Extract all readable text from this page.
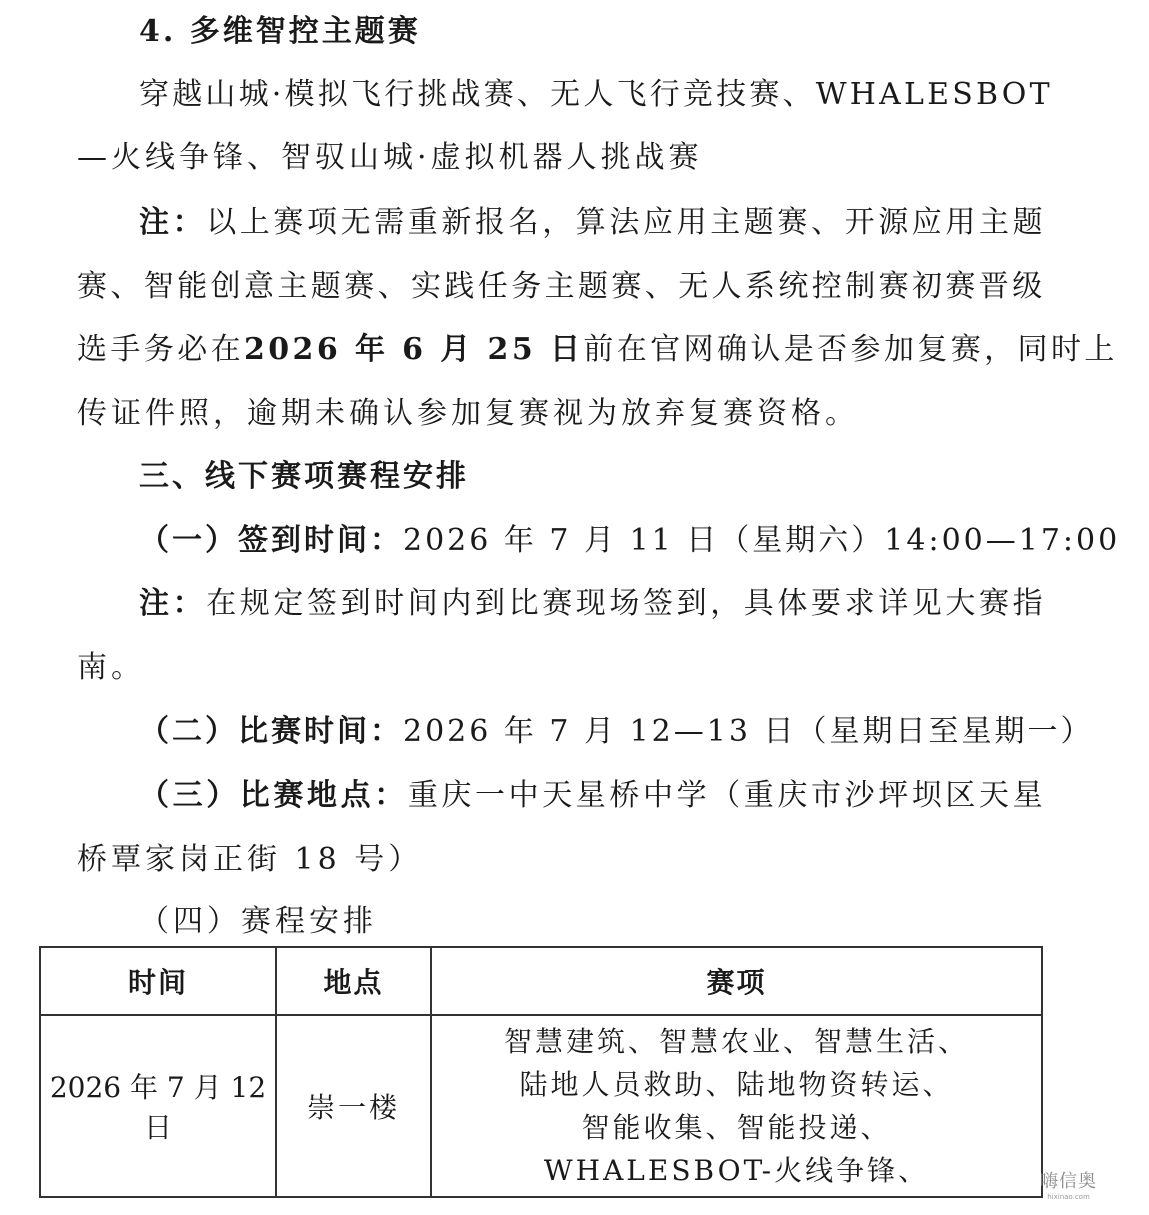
4. 多维智控主题赛
穿越山城·模拟飞行挑战赛、无人飞行竞技赛、WHALESBOT
—火线争锋、智驭山城·虚拟机器人挑战赛
注：以上赛项无需重新报名，算法应用主题赛、开源应用主题
赛、智能创意主题赛、实践任务主题赛、无人系统控制赛初赛晋级
选手务必在2026 年 6 月 25 日前在官网确认是否参加复赛，同时上
传证件照，逾期未确认参加复赛视为放弃复赛资格。
三、线下赛项赛程安排
（一）签到时间：2026 年 7 月 11 日（星期六）14:00—17:00
注：在规定签到时间内到比赛现场签到，具体要求详见大赛指
南。
（二）比赛时间：2026 年 7 月 12—13 日（星期日至星期一）
（三）比赛地点：重庆一中天星桥中学（重庆市沙坪坝区天星
桥覃家岗正街 18 号）
（四）赛程安排
时间	地点	赛项
2026 年 7 月 12 日	崇一楼	智慧建筑、智慧农业、智慧生活、
陆地人员救助、陆地物资转运、
智能收集、智能投递、
WHALESBOT-火线争锋、	嗨信奥
hixinao.com
